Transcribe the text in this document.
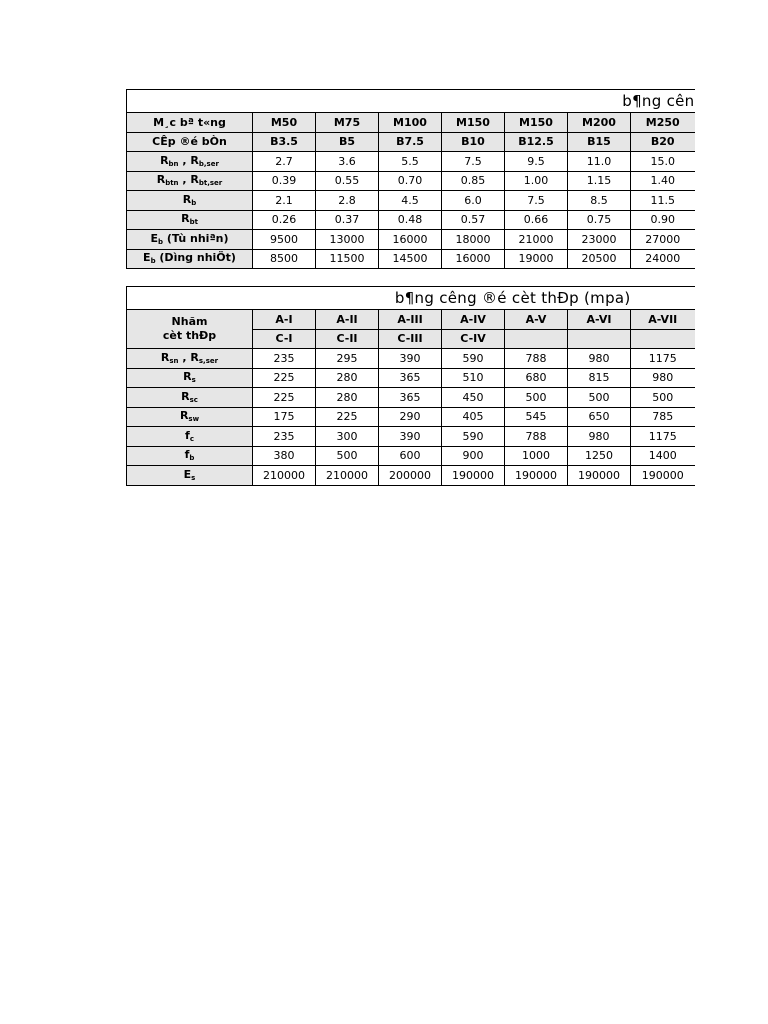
b¶ng cên							
M¸c bª t«ng	M50	M75	M100	M150	M150	M200	M250
CÊp ®é bÒn	B3.5	B5	B7.5	B10	B12.5	B15	B20
$R_{bn}$ , $R_{b,ser}$	2.7	3.6	5.5	7.5	9.5	11.0	15.0
$R_{btn}$ , $R_{bt,ser}$	0.39	0.55	0.70	0.85	1.00	1.15	1.40
$R_b$	2.1	2.8	4.5	6.0	7.5	8.5	11.5
$R_{bt}$	0.26	0.37	0.48	0.57	0.66	0.75	0.90
$E_b$ (Tù nhiªn)	9500	13000	16000	18000	21000	23000	27000
$E_b$ (Dìng nhiÖt)	8500	11500	14500	16000	19000	20500	24000
b¶ng cêng ®é cèt thÐp (mpa)							
Nhãm
cèt thÐp	A-I	A-II	A-III	A-IV	A-V	A-VI	A-VII
	C-I	C-II	C-III	C-IV			
$R_{sn}$ , $R_{s,ser}$	235	295	390	590	788	980	1175
$R_s$	225	280	365	510	680	815	980
$R_{sc}$	225	280	365	450	500	500	500
$R_{sw}$	175	225	290	405	545	650	785
$f_c$	235	300	390	590	788	980	1175
$f_b$	380	500	600	900	1000	1250	1400
$E_s$	210000	210000	200000	190000	190000	190000	190000
